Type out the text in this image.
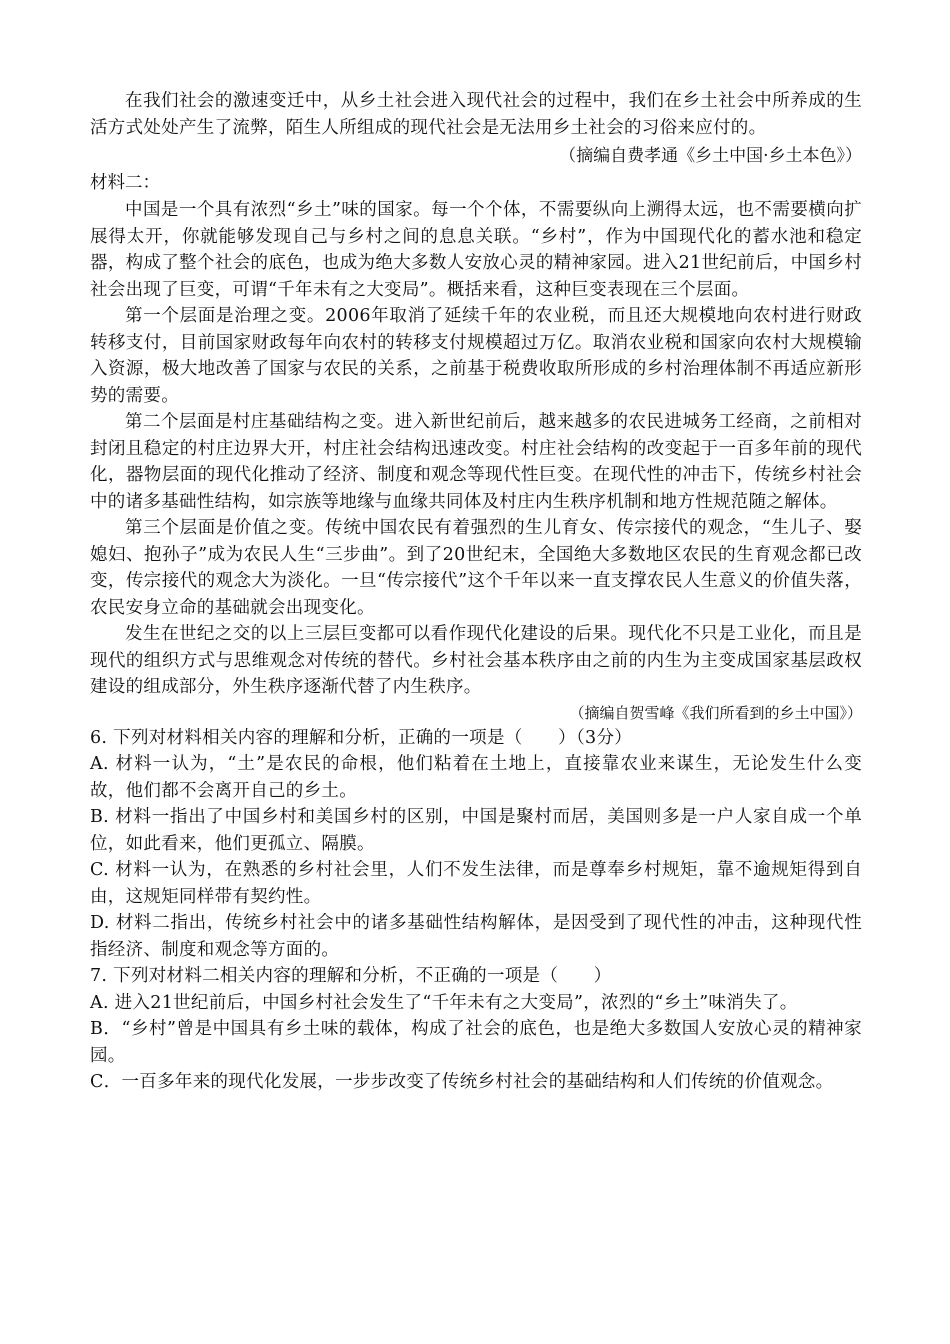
在我们社会的激速变迁中，从乡土社会进入现代社会的过程中，我们在乡土社会中所养成的生活方式处处产生了流弊，陌生人所组成的现代社会是无法用乡土社会的习俗来应付的。

（摘编自费孝通《乡土中国·乡土本色》）

材料二：

中国是一个具有浓烈“乡土”味的国家。每一个个体，不需要纵向上溯得太远，也不需要横向扩展得太开，你就能够发现自己与乡村之间的息息关联。“乡村”，作为中国现代化的蓄水池和稳定器，构成了整个社会的底色，也成为绝大多数人安放心灵的精神家园。进入21世纪前后，中国乡村社会出现了巨变，可谓“千年未有之大变局”。概括来看，这种巨变表现在三个层面。

第一个层面是治理之变。2006年取消了延续千年的农业税，而且还大规模地向农村进行财政转移支付，目前国家财政每年向农村的转移支付规模超过万亿。取消农业税和国家向农村大规模输入资源，极大地改善了国家与农民的关系，之前基于税费收取所形成的乡村治理体制不再适应新形势的需要。

第二个层面是村庄基础结构之变。进入新世纪前后，越来越多的农民进城务工经商，之前相对封闭且稳定的村庄边界大开，村庄社会结构迅速改变。村庄社会结构的改变起于一百多年前的现代化，器物层面的现代化推动了经济、制度和观念等现代性巨变。在现代性的冲击下，传统乡村社会中的诸多基础性结构，如宗族等地缘与血缘共同体及村庄内生秩序机制和地方性规范随之解体。

第三个层面是价值之变。传统中国农民有着强烈的生儿育女、传宗接代的观念，“生儿子、娶媳妇、抱孙子”成为农民人生“三步曲”。到了20世纪末，全国绝大多数地区农民的生育观念都已改变，传宗接代的观念大为淡化。一旦“传宗接代”这个千年以来一直支撑农民人生意义的价值失落，农民安身立命的基础就会出现变化。

发生在世纪之交的以上三层巨变都可以看作现代化建设的后果。现代化不只是工业化，而且是现代的组织方式与思维观念对传统的替代。乡村社会基本秩序由之前的内生为主变成国家基层政权建设的组成部分，外生秩序逐渐代替了内生秩序。

（摘编自贺雪峰《我们所看到的乡土中国》）

6. 下列对材料相关内容的理解和分析，正确的一项是（　　）（3分）

A. 材料一认为，“土”是农民的命根，他们粘着在土地上，直接靠农业来谋生，无论发生什么变故，他们都不会离开自己的乡土。

B. 材料一指出了中国乡村和美国乡村的区别，中国是聚村而居，美国则多是一户人家自成一个单位，如此看来，他们更孤立、隔膜。

C. 材料一认为，在熟悉的乡村社会里，人们不发生法律，而是尊奉乡村规矩，靠不逾规矩得到自由，这规矩同样带有契约性。

D. 材料二指出，传统乡村社会中的诸多基础性结构解体，是因受到了现代性的冲击，这种现代性指经济、制度和观念等方面的。

7. 下列对材料二相关内容的理解和分析，不正确的一项是（　　）

A. 进入21世纪前后，中国乡村社会发生了“千年未有之大变局”，浓烈的“乡土”味消失了。

B．“乡村”曾是中国具有乡土味的载体，构成了社会的底色，也是绝大多数国人安放心灵的精神家园。

C．一百多年来的现代化发展，一步步改变了传统乡村社会的基础结构和人们传统的价值观念。
